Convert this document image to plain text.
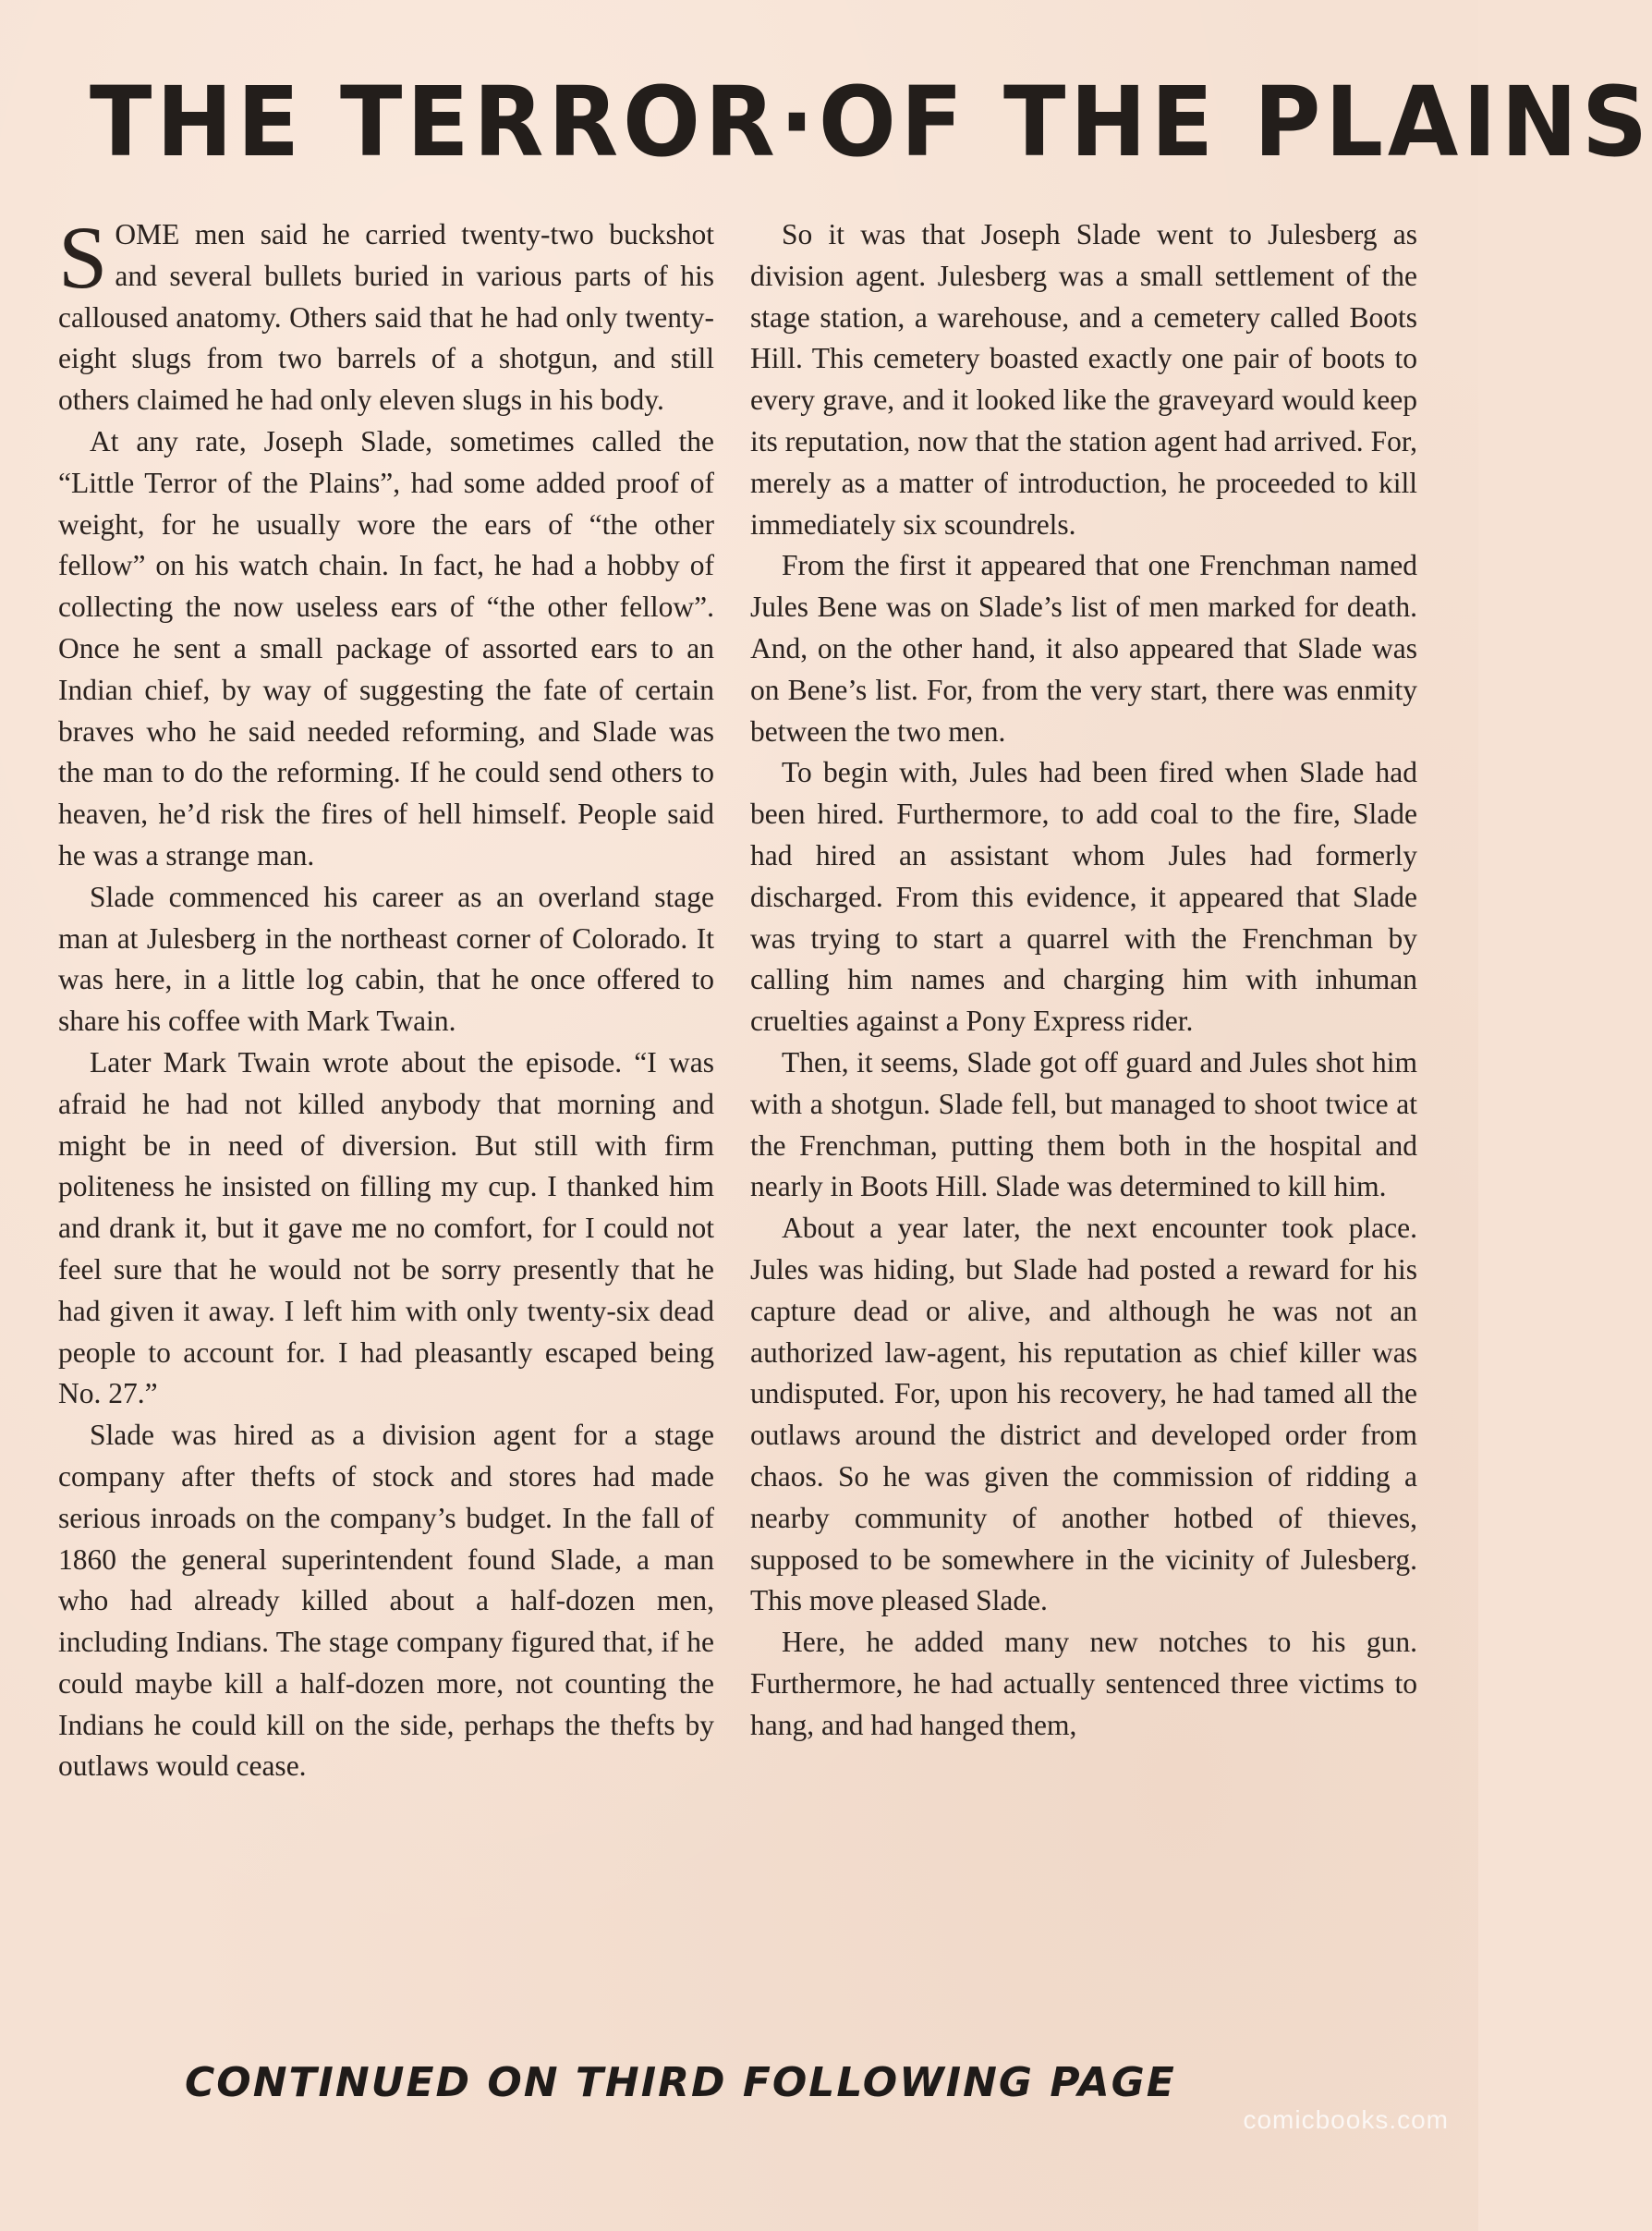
THE TERROR·OF THE PLAINS

SOME men said he carried twenty-two buckshot and several bullets buried in various parts of his calloused anatomy. Others said that he had only twenty-eight slugs from two barrels of a shotgun, and still others claimed he had only eleven slugs in his body.

At any rate, Joseph Slade, sometimes called the “Little Terror of the Plains”, had some added proof of weight, for he usually wore the ears of “the other fellow” on his watch chain. In fact, he had a hobby of collecting the now useless ears of “the other fellow”. Once he sent a small package of assorted ears to an Indian chief, by way of suggesting the fate of certain braves who he said needed reforming, and Slade was the man to do the reforming. If he could send others to heaven, he’d risk the fires of hell himself. People said he was a strange man.

Slade commenced his career as an overland stage man at Julesberg in the northeast corner of Colorado. It was here, in a little log cabin, that he once offered to share his coffee with Mark Twain.

Later Mark Twain wrote about the episode. “I was afraid he had not killed anybody that morning and might be in need of diversion. But still with firm politeness he insisted on filling my cup. I thanked him and drank it, but it gave me no comfort, for I could not feel sure that he would not be sorry presently that he had given it away. I left him with only twenty-six dead people to account for. I had pleasantly escaped being No. 27.”

Slade was hired as a division agent for a stage company after thefts of stock and stores had made serious inroads on the company’s budget. In the fall of 1860 the general superintendent found Slade, a man who had already killed about a half-dozen men, including Indians. The stage company figured that, if he could maybe kill a half-dozen more, not counting the Indians he could kill on the side, perhaps the thefts by outlaws would cease.

So it was that Joseph Slade went to Julesberg as division agent. Julesberg was a small settlement of the stage station, a warehouse, and a cemetery called Boots Hill. This cemetery boasted exactly one pair of boots to every grave, and it looked like the graveyard would keep its reputation, now that the station agent had arrived. For, merely as a matter of introduction, he proceeded to kill immediately six scoundrels.

From the first it appeared that one Frenchman named Jules Bene was on Slade’s list of men marked for death. And, on the other hand, it also appeared that Slade was on Bene’s list. For, from the very start, there was enmity between the two men.

To begin with, Jules had been fired when Slade had been hired. Furthermore, to add coal to the fire, Slade had hired an assistant whom Jules had formerly discharged. From this evidence, it appeared that Slade was trying to start a quarrel with the Frenchman by calling him names and charging him with inhuman cruelties against a Pony Express rider.

Then, it seems, Slade got off guard and Jules shot him with a shotgun. Slade fell, but managed to shoot twice at the Frenchman, putting them both in the hospital and nearly in Boots Hill. Slade was determined to kill him.

About a year later, the next encounter took place. Jules was hiding, but Slade had posted a reward for his capture dead or alive, and although he was not an authorized law-agent, his reputation as chief killer was undisputed. For, upon his recovery, he had tamed all the outlaws around the district and developed order from chaos. So he was given the commission of ridding a nearby community of another hotbed of thieves, supposed to be somewhere in the vicinity of Julesberg. This move pleased Slade.

Here, he added many new notches to his gun. Furthermore, he had actually sentenced three victims to hang, and had hanged them,

CONTINUED ON THIRD FOLLOWING PAGE
comicbooks.com
